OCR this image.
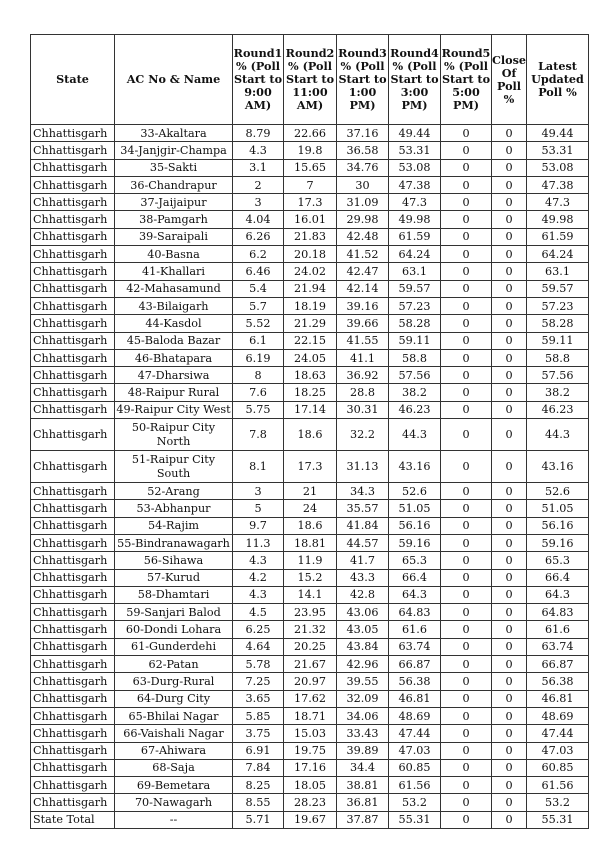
State	AC No & Name	Round1 % (Poll Start to 9:00 AM)	Round2 % (Poll Start to 11:00 AM)	Round3 % (Poll Start to 1:00 PM)	Round4 % (Poll Start to 3:00 PM)	Round5 % (Poll Start to 5:00 PM)	Close Of Poll %	Latest Updated Poll %
Chhattisgarh	33-Akaltara	8.79	22.66	37.16	49.44	0	0	49.44
Chhattisgarh	34-Janjgir-Champa	4.3	19.8	36.58	53.31	0	0	53.31
Chhattisgarh	35-Sakti	3.1	15.65	34.76	53.08	0	0	53.08
Chhattisgarh	36-Chandrapur	2	7	30	47.38	0	0	47.38
Chhattisgarh	37-Jaijaipur	3	17.3	31.09	47.3	0	0	47.3
Chhattisgarh	38-Pamgarh	4.04	16.01	29.98	49.98	0	0	49.98
Chhattisgarh	39-Saraipali	6.26	21.83	42.48	61.59	0	0	61.59
Chhattisgarh	40-Basna	6.2	20.18	41.52	64.24	0	0	64.24
Chhattisgarh	41-Khallari	6.46	24.02	42.47	63.1	0	0	63.1
Chhattisgarh	42-Mahasamund	5.4	21.94	42.14	59.57	0	0	59.57
Chhattisgarh	43-Bilaigarh	5.7	18.19	39.16	57.23	0	0	57.23
Chhattisgarh	44-Kasdol	5.52	21.29	39.66	58.28	0	0	58.28
Chhattisgarh	45-Baloda Bazar	6.1	22.15	41.55	59.11	0	0	59.11
Chhattisgarh	46-Bhatapara	6.19	24.05	41.1	58.8	0	0	58.8
Chhattisgarh	47-Dharsiwa	8	18.63	36.92	57.56	0	0	57.56
Chhattisgarh	48-Raipur Rural	7.6	18.25	28.8	38.2	0	0	38.2
Chhattisgarh	49-Raipur City West	5.75	17.14	30.31	46.23	0	0	46.23
Chhattisgarh	50-Raipur City North	7.8	18.6	32.2	44.3	0	0	44.3
Chhattisgarh	51-Raipur City South	8.1	17.3	31.13	43.16	0	0	43.16
Chhattisgarh	52-Arang	3	21	34.3	52.6	0	0	52.6
Chhattisgarh	53-Abhanpur	5	24	35.57	51.05	0	0	51.05
Chhattisgarh	54-Rajim	9.7	18.6	41.84	56.16	0	0	56.16
Chhattisgarh	55-Bindranawagarh	11.3	18.81	44.57	59.16	0	0	59.16
Chhattisgarh	56-Sihawa	4.3	11.9	41.7	65.3	0	0	65.3
Chhattisgarh	57-Kurud	4.2	15.2	43.3	66.4	0	0	66.4
Chhattisgarh	58-Dhamtari	4.3	14.1	42.8	64.3	0	0	64.3
Chhattisgarh	59-Sanjari Balod	4.5	23.95	43.06	64.83	0	0	64.83
Chhattisgarh	60-Dondi Lohara	6.25	21.32	43.05	61.6	0	0	61.6
Chhattisgarh	61-Gunderdehi	4.64	20.25	43.84	63.74	0	0	63.74
Chhattisgarh	62-Patan	5.78	21.67	42.96	66.87	0	0	66.87
Chhattisgarh	63-Durg-Rural	7.25	20.97	39.55	56.38	0	0	56.38
Chhattisgarh	64-Durg City	3.65	17.62	32.09	46.81	0	0	46.81
Chhattisgarh	65-Bhilai Nagar	5.85	18.71	34.06	48.69	0	0	48.69
Chhattisgarh	66-Vaishali Nagar	3.75	15.03	33.43	47.44	0	0	47.44
Chhattisgarh	67-Ahiwara	6.91	19.75	39.89	47.03	0	0	47.03
Chhattisgarh	68-Saja	7.84	17.16	34.4	60.85	0	0	60.85
Chhattisgarh	69-Bemetara	8.25	18.05	38.81	61.56	0	0	61.56
Chhattisgarh	70-Nawagarh	8.55	28.23	36.81	53.2	0	0	53.2
State Total	--	5.71	19.67	37.87	55.31	0	0	55.31
